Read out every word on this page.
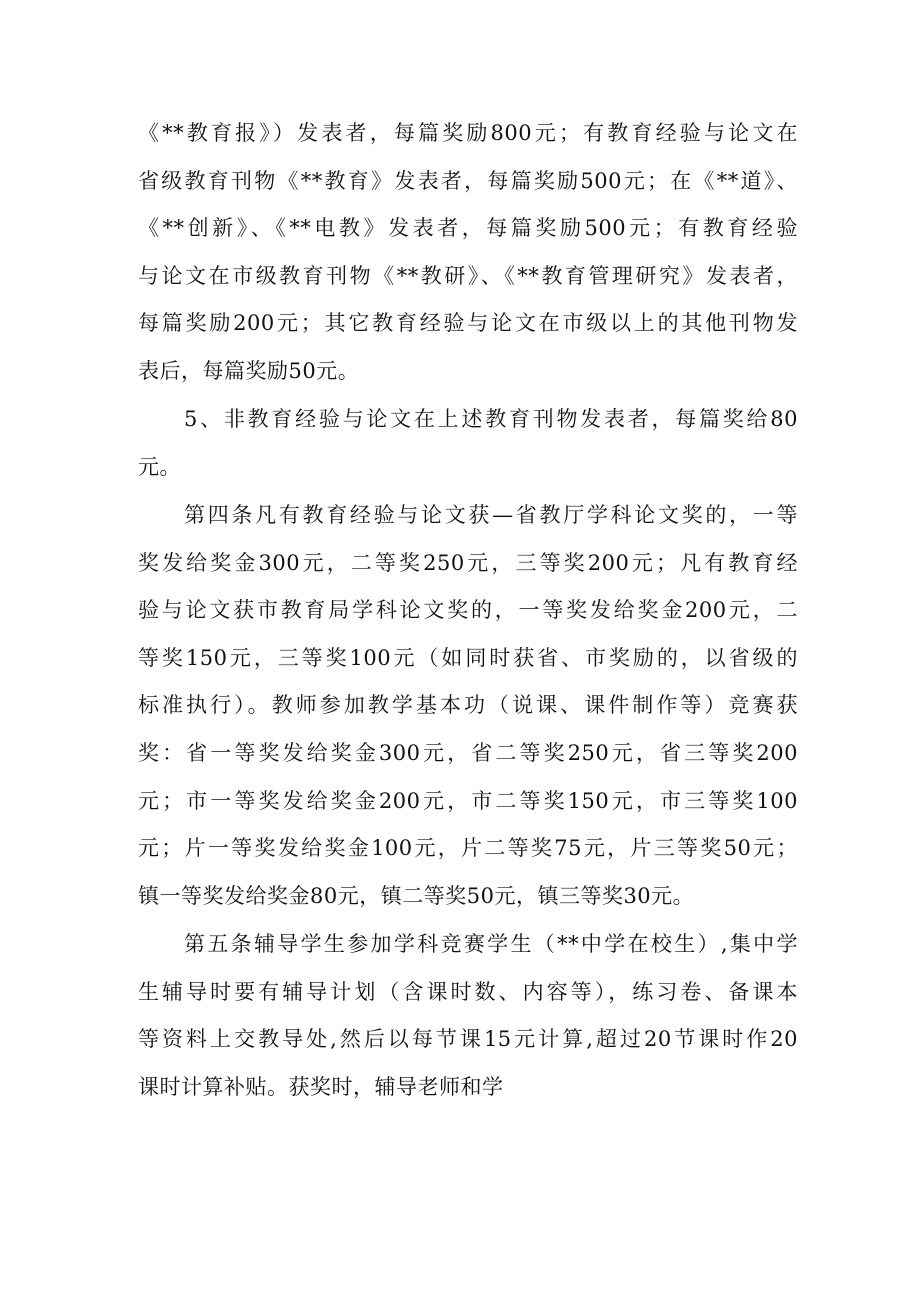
《**教育报》）发表者，每篇奖励800元；有教育经验与论文在
省级教育刊物《**教育》发表者，每篇奖励500元；在《**道》、
《**创新》、《**电教》发表者，每篇奖励500元；有教育经验
与论文在市级教育刊物《**教研》、《**教育管理研究》发表者，
每篇奖励200元；其它教育经验与论文在市级以上的其他刊物发
表后，每篇奖励50元。
5、非教育经验与论文在上述教育刊物发表者，每篇奖给80
元。
第四条凡有教育经验与论文获—省教厅学科论文奖的，一等
奖发给奖金300元，二等奖250元，三等奖200元；凡有教育经
验与论文获市教育局学科论文奖的，一等奖发给奖金200元，二
等奖150元，三等奖100元（如同时获省、市奖励的，以省级的
标准执行）。教师参加教学基本功（说课、课件制作等）竞赛获
奖：省一等奖发给奖金300元，省二等奖250元，省三等奖200
元；市一等奖发给奖金200元，市二等奖150元，市三等奖100
元；片一等奖发给奖金100元，片二等奖75元，片三等奖50元；
镇一等奖发给奖金80元，镇二等奖50元，镇三等奖30元。
第五条辅导学生参加学科竞赛学生（**中学在校生）,集中学
生辅导时要有辅导计划（含课时数、内容等），练习卷、备课本
等资料上交教导处,然后以每节课15元计算,超过20节课时作20
课时计算补贴。获奖时，辅导老师和学
